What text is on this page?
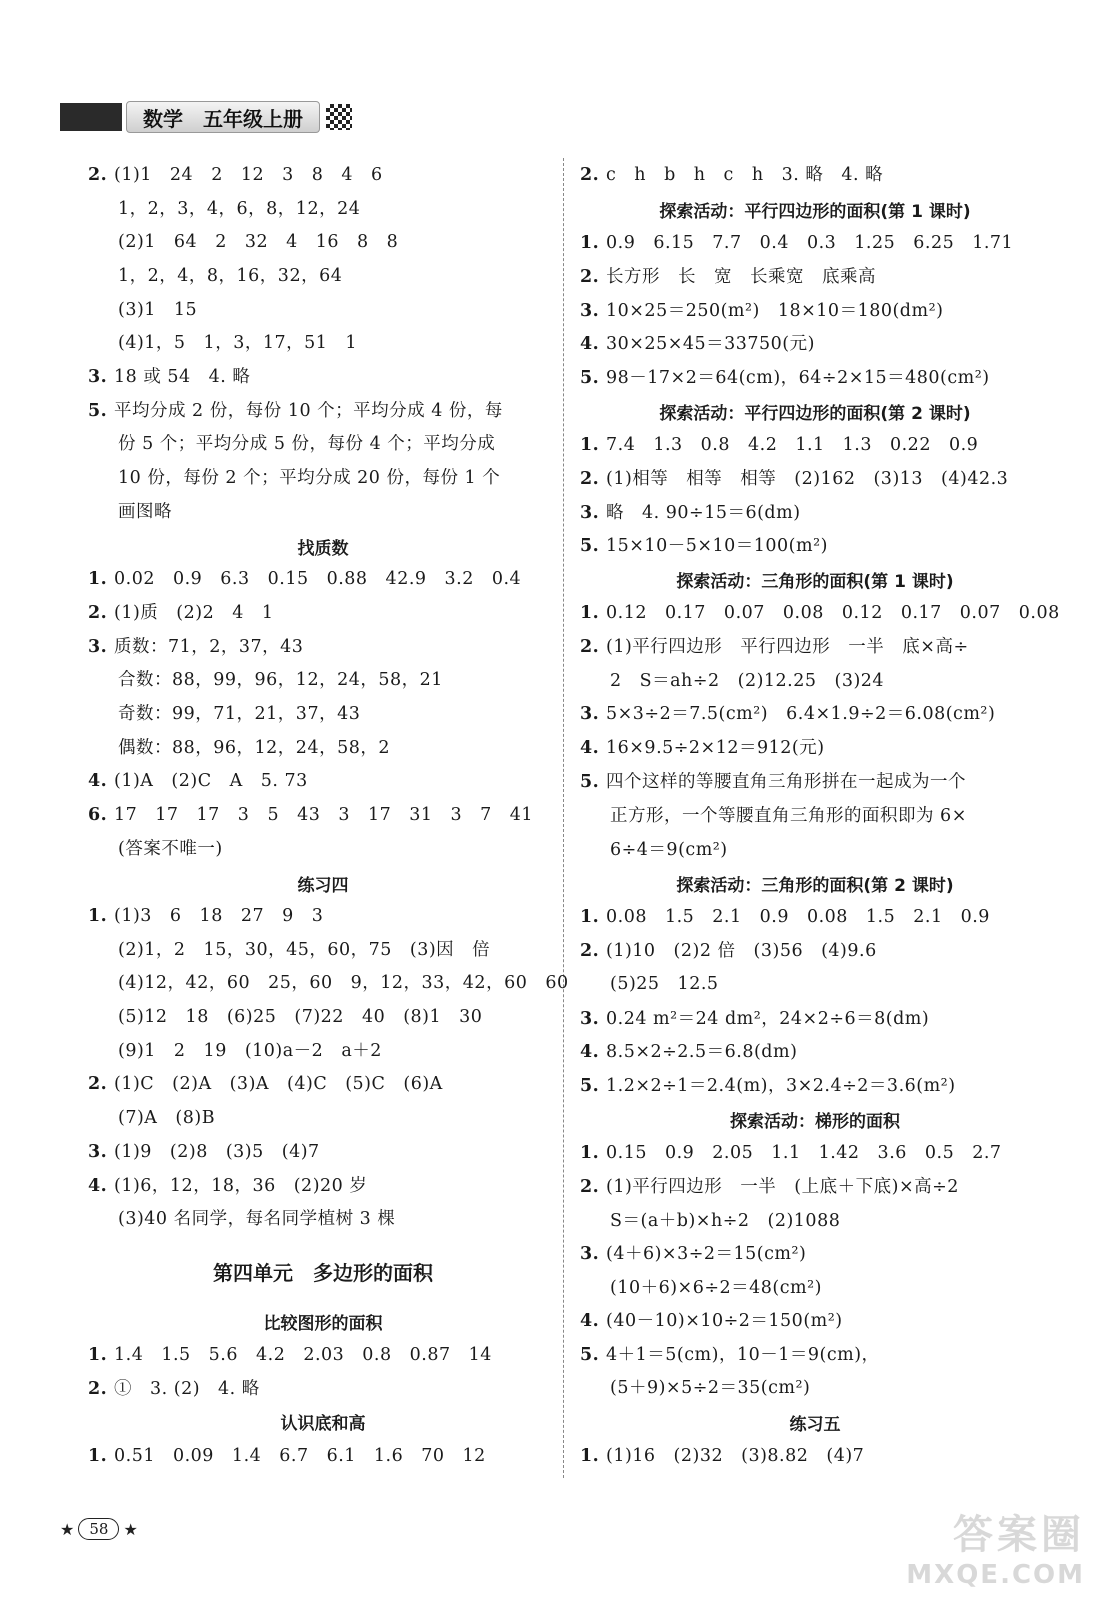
数学 五年级上册
2. (1)1　24　2　12　3　8　4　6
1，2，3，4，6，8，12，24
(2)1　64　2　32　4　16　8　8
1，2，4，8，16，32，64
(3)1　15
(4)1，5　1，3，17，51　1
3. 18 或 54　4. 略
5. 平均分成 2 份，每份 10 个；平均分成 4 份，每
份 5 个；平均分成 5 份，每份 4 个；平均分成
10 份，每份 2 个；平均分成 20 份，每份 1 个
画图略
找质数
1. 0.02　0.9　6.3　0.15　0.88　42.9　3.2　0.4
2. (1)质　(2)2　4　1
3. 质数：71，2，37，43
合数：88，99，96，12，24，58，21
奇数：99，71，21，37，43
偶数：88，96，12，24，58，2
4. (1)A　(2)C　A　5. 73
6. 17　17　17　3　5　43　3　17　31　3　7　41
(答案不唯一)
练习四
1. (1)3　6　18　27　9　3
(2)1，2　15，30，45，60，75　(3)因　倍
(4)12，42，60　25，60　9，12，33，42，60　60
(5)12　18　(6)25　(7)22　40　(8)1　30
(9)1　2　19　(10)a－2　a＋2
2. (1)C　(2)A　(3)A　(4)C　(5)C　(6)A
(7)A　(8)B
3. (1)9　(2)8　(3)5　(4)7
4. (1)6，12，18，36　(2)20 岁
(3)40 名同学，每名同学植树 3 棵
第四单元　多边形的面积
比较图形的面积
1. 1.4　1.5　5.6　4.2　2.03　0.8　0.87　14
2. ①　3. (2)　4. 略
认识底和高
1. 0.51　0.09　1.4　6.7　6.1　1.6　70　12
2. c　h　b　h　c　h　3. 略　4. 略
探索活动：平行四边形的面积(第 1 课时)
1. 0.9　6.15　7.7　0.4　0.3　1.25　6.25　1.71
2. 长方形　长　宽　长乘宽　底乘高
3. 10×25＝250(m²)　18×10＝180(dm²)
4. 30×25×45＝33750(元)
5. 98－17×2＝64(cm)，64÷2×15＝480(cm²)
探索活动：平行四边形的面积(第 2 课时)
1. 7.4　1.3　0.8　4.2　1.1　1.3　0.22　0.9
2. (1)相等　相等　相等　(2)162　(3)13　(4)42.3
3. 略　4. 90÷15＝6(dm)
5. 15×10－5×10＝100(m²)
探索活动：三角形的面积(第 1 课时)
1. 0.12　0.17　0.07　0.08　0.12　0.17　0.07　0.08
2. (1)平行四边形　平行四边形　一半　底×高÷
2　S＝ah÷2　(2)12.25　(3)24
3. 5×3÷2＝7.5(cm²)　6.4×1.9÷2＝6.08(cm²)
4. 16×9.5÷2×12＝912(元)
5. 四个这样的等腰直角三角形拼在一起成为一个
正方形，一个等腰直角三角形的面积即为 6×
6÷4＝9(cm²)
探索活动：三角形的面积(第 2 课时)
1. 0.08　1.5　2.1　0.9　0.08　1.5　2.1　0.9
2. (1)10　(2)2 倍　(3)56　(4)9.6
(5)25　12.5
3. 0.24 m²＝24 dm²，24×2÷6＝8(dm)
4. 8.5×2÷2.5＝6.8(dm)
5. 1.2×2÷1＝2.4(m)，3×2.4÷2＝3.6(m²)
探索活动：梯形的面积
1. 0.15　0.9　2.05　1.1　1.42　3.6　0.5　2.7
2. (1)平行四边形　一半　(上底＋下底)×高÷2
S＝(a＋b)×h÷2　(2)1088
3. (4＋6)×3÷2＝15(cm²)
(10＋6)×6÷2＝48(cm²)
4. (40－10)×10÷2＝150(m²)
5. 4＋1＝5(cm)，10－1＝9(cm)，
(5＋9)×5÷2＝35(cm²)
练习五
1. (1)16　(2)32　(3)8.82　(4)7
★	58 ★	答案圈
MXQE.COM
